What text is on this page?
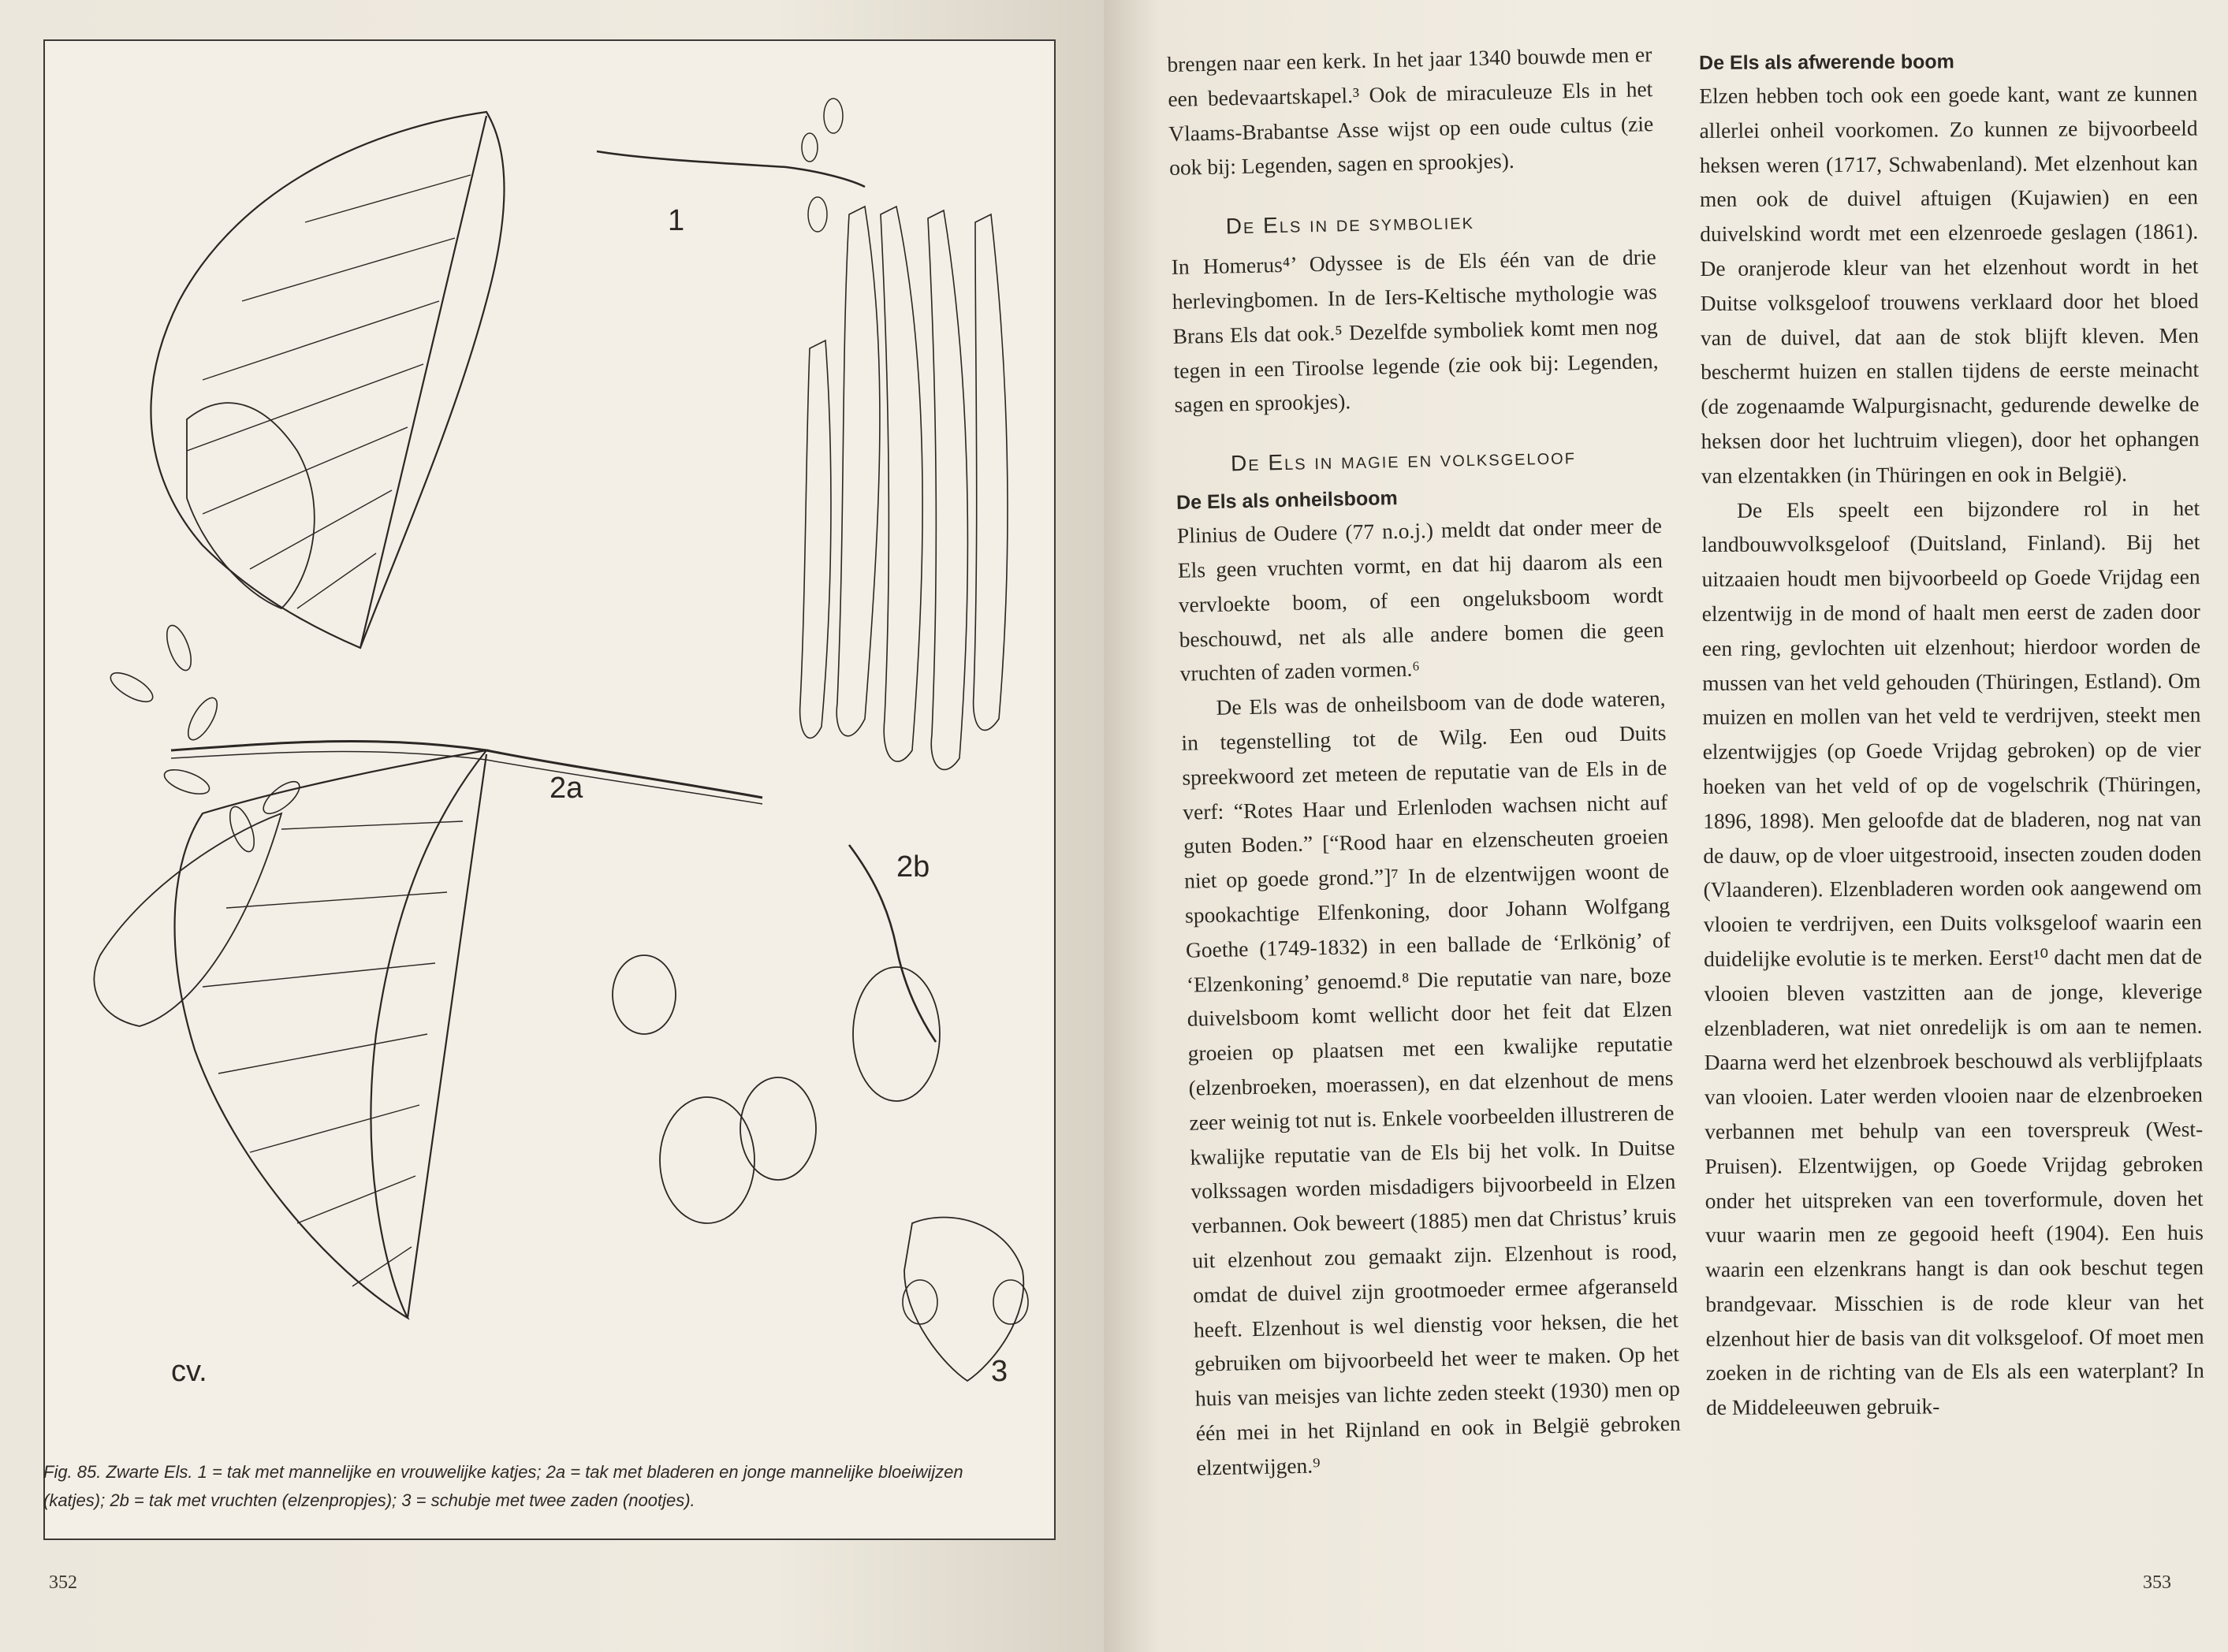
1
2a
2b
3
cv.
Fig. 85. Zwarte Els. 1 = tak met mannelijke en vrouwelijke katjes; 2a = tak met bladeren en jonge mannelijke bloeiwijzen (katjes); 2b = tak met vruchten (elzenpropjes); 3 = schubje met twee zaden (nootjes).
352

brengen naar een kerk. In het jaar 1340 bouwde men er een bedevaartskapel.³ Ook de miraculeuze Els in het Vlaams-Brabantse Asse wijst op een oude cultus (zie ook bij: Legenden, sagen en sprookjes).

De Els in de symboliek

In Homerus⁴’ Odyssee is de Els één van de drie herlevingbomen. In de Iers-Keltische mythologie was Brans Els dat ook.⁵ Dezelfde symboliek komt men nog tegen in een Tiroolse legende (zie ook bij: Legenden, sagen en sprookjes).

De Els in magie en volksgeloof
De Els als onheilsboom

Plinius de Oudere (77 n.o.j.) meldt dat onder meer de Els geen vruchten vormt, en dat hij daarom als een vervloekte boom, of een ongeluksboom wordt beschouwd, net als alle andere bomen die geen vruchten of zaden vormen.⁶

De Els was de onheilsboom van de dode wateren, in tegenstelling tot de Wilg. Een oud Duits spreekwoord zet meteen de reputatie van de Els in de verf: “Rotes Haar und Erlenloden wachsen nicht auf guten Boden.” [“Rood haar en elzenscheuten groeien niet op goede grond.”]⁷ In de elzentwijgen woont de spookachtige Elfenkoning, door Johann Wolfgang Goethe (1749-1832) in een ballade de ‘Erlkönig’ of ‘Elzenkoning’ genoemd.⁸ Die reputatie van nare, boze duivelsboom komt wellicht door het feit dat Elzen groeien op plaatsen met een kwalijke reputatie (elzenbroeken, moerassen), en dat elzenhout de mens zeer weinig tot nut is. Enkele voorbeelden illustreren de kwalijke reputatie van de Els bij het volk. In Duitse volkssagen worden misdadigers bijvoorbeeld in Elzen verbannen. Ook beweert (1885) men dat Christus’ kruis uit elzenhout zou gemaakt zijn. Elzenhout is rood, omdat de duivel zijn grootmoeder ermee afgeranseld heeft. Elzenhout is wel dienstig voor heksen, die het gebruiken om bijvoorbeeld het weer te maken. Op het huis van meisjes van lichte zeden steekt (1930) men op één mei in het Rijnland en ook in België gebroken elzentwijgen.⁹

De Els als afwerende boom

Elzen hebben toch ook een goede kant, want ze kunnen allerlei onheil voorkomen. Zo kunnen ze bijvoorbeeld heksen weren (1717, Schwabenland). Met elzenhout kan men ook de duivel aftuigen (Kujawien) en een duivelskind wordt met een elzenroede geslagen (1861). De oranjerode kleur van het elzenhout wordt in het Duitse volksgeloof trouwens verklaard door het bloed van de duivel, dat aan de stok blijft kleven. Men beschermt huizen en stallen tijdens de eerste meinacht (de zogenaamde Walpurgisnacht, gedurende dewelke de heksen door het luchtruim vliegen), door het ophangen van elzentakken (in Thüringen en ook in België).

De Els speelt een bijzondere rol in het landbouwvolksgeloof (Duitsland, Finland). Bij het uitzaaien houdt men bijvoorbeeld op Goede Vrijdag een elzentwijg in de mond of haalt men eerst de zaden door een ring, gevlochten uit elzenhout; hierdoor worden de mussen van het veld gehouden (Thüringen, Estland). Om muizen en mollen van het veld te verdrijven, steekt men elzentwijgjes (op Goede Vrijdag gebroken) op de vier hoeken van het veld of op de vogelschrik (Thüringen, 1896, 1898). Men geloofde dat de bladeren, nog nat van de dauw, op de vloer uitgestrooid, insecten zouden doden (Vlaanderen). Elzenbladeren worden ook aangewend om vlooien te verdrijven, een Duits volksgeloof waarin een duidelijke evolutie is te merken. Eerst¹⁰ dacht men dat de vlooien bleven vastzitten aan de jonge, kleverige elzenbladeren, wat niet onredelijk is om aan te nemen. Daarna werd het elzenbroek beschouwd als verblijfplaats van vlooien. Later werden vlooien naar de elzenbroeken verbannen met behulp van een toverspreuk (West-Pruisen). Elzentwijgen, op Goede Vrijdag gebroken onder het uitspreken van een toverformule, doven het vuur waarin men ze gegooid heeft (1904). Een huis waarin een elzenkrans hangt is dan ook beschut tegen brandgevaar. Misschien is de rode kleur van het elzenhout hier de basis van dit volksgeloof. Of moet men zoeken in de richting van de Els als een waterplant? In de Middeleeuwen gebruik-

353
